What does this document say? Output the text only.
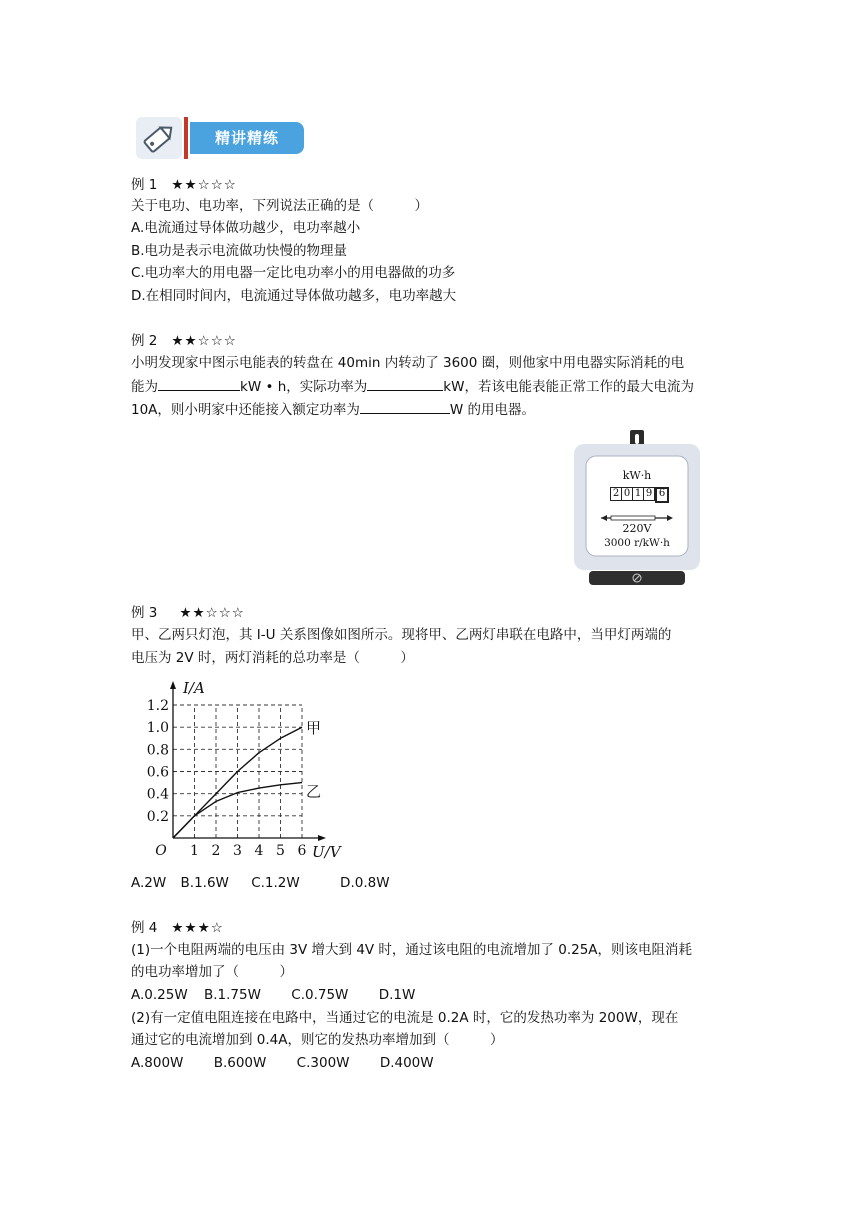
精讲精练
例 1 ★★☆☆☆
关于电功、电功率，下列说法正确的是（　　　）
A.电流通过导体做功越少，电功率越小
B.电功是表示电流做功快慢的物理量
C.电功率大的用电器一定比电功率小的用电器做的功多
D.在相同时间内，电流通过导体做功越多，电功率越大
例 2 ★★☆☆☆
小明发现家中图示电能表的转盘在 40min 内转动了 3600 圈，则他家中用电器实际消耗的电
能为	kW • h，实际功率为	kW，若该电能表能正常工作的最大电流为
10A，则小明家中还能接入额定功率为	W 的用电器。
kW·h
2 0 1 9 6
220V
3000 r/kW·h
例 3 ★★☆☆☆
甲、乙两只灯泡，其 I-U 关系图像如图所示。现将甲、乙两灯串联在电路中，当甲灯两端的
电压为 2V 时，两灯消耗的总功率是（　　　）
1 2 3 4 5 6
0.2
0.4
0.6
0.8
1.0
1.2
O	U/V
I/A
甲
乙
A.2W B.1.6W C.1.2W	D.0.8W
例 4 ★★★☆
(1)一个电阻两端的电压由 3V 增大到 4V 时，通过该电阻的电流增加了 0.25A，则该电阻消耗
的电功率增加了（　　　）
A.0.25W B.1.75W C.0.75W D.1W
(2)有一定值电阻连接在电路中，当通过它的电流是 0.2A 时，它的发热功率为 200W，现在
通过它的电流增加到 0.4A，则它的发热功率增加到（　　　）
A.800W B.600W C.300W D.400W
